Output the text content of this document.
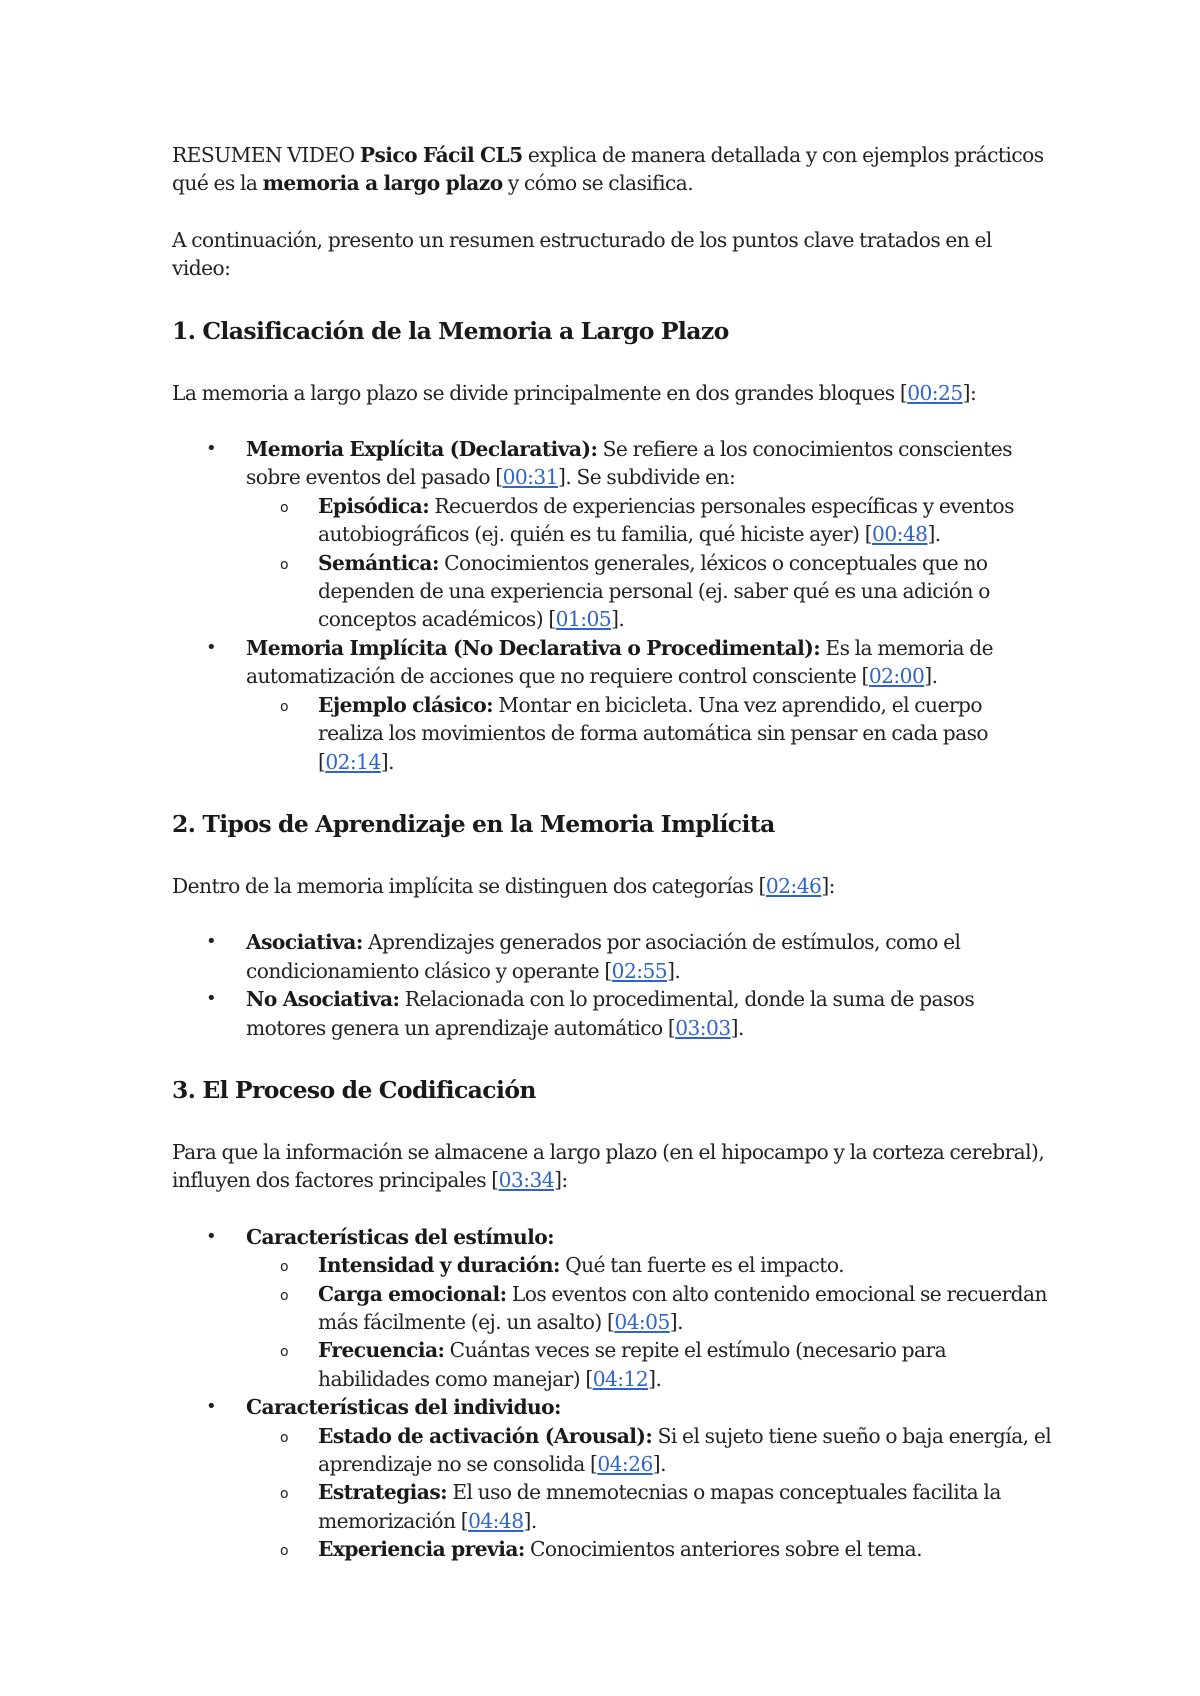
RESUMEN VIDEO Psico Fácil CL5 explica de manera detallada y con ejemplos prácticos qué es la memoria a largo plazo y cómo se clasifica.

A continuación, presento un resumen estructurado de los puntos clave tratados en el video:

1. Clasificación de la Memoria a Largo Plazo

La memoria a largo plazo se divide principalmente en dos grandes bloques [00:25]:

• Memoria Explícita (Declarativa): Se refiere a los conocimientos conscientes sobre eventos del pasado [00:31]. Se subdivide en:
o Episódica: Recuerdos de experiencias personales específicas y eventos autobiográficos (ej. quién es tu familia, qué hiciste ayer) [00:48].
o Semántica: Conocimientos generales, léxicos o conceptuales que no dependen de una experiencia personal (ej. saber qué es una adición o conceptos académicos) [01:05].
• Memoria Implícita (No Declarativa o Procedimental): Es la memoria de automatización de acciones que no requiere control consciente [02:00].
o Ejemplo clásico: Montar en bicicleta. Una vez aprendido, el cuerpo realiza los movimientos de forma automática sin pensar en cada paso [02:14].
2. Tipos de Aprendizaje en la Memoria Implícita

Dentro de la memoria implícita se distinguen dos categorías [02:46]:

• Asociativa: Aprendizajes generados por asociación de estímulos, como el condicionamiento clásico y operante [02:55].
• No Asociativa: Relacionada con lo procedimental, donde la suma de pasos motores genera un aprendizaje automático [03:03].
3. El Proceso de Codificación

Para que la información se almacene a largo plazo (en el hipocampo y la corteza cerebral), influyen dos factores principales [03:34]:

• Características del estímulo:
o Intensidad y duración: Qué tan fuerte es el impacto.
o Carga emocional: Los eventos con alto contenido emocional se recuerdan más fácilmente (ej. un asalto) [04:05].
o Frecuencia: Cuántas veces se repite el estímulo (necesario para habilidades como manejar) [04:12].
• Características del individuo:
o Estado de activación (Arousal): Si el sujeto tiene sueño o baja energía, el aprendizaje no se consolida [04:26].
o Estrategias: El uso de mnemotecnias o mapas conceptuales facilita la memorización [04:48].
o Experiencia previa: Conocimientos anteriores sobre el tema.
